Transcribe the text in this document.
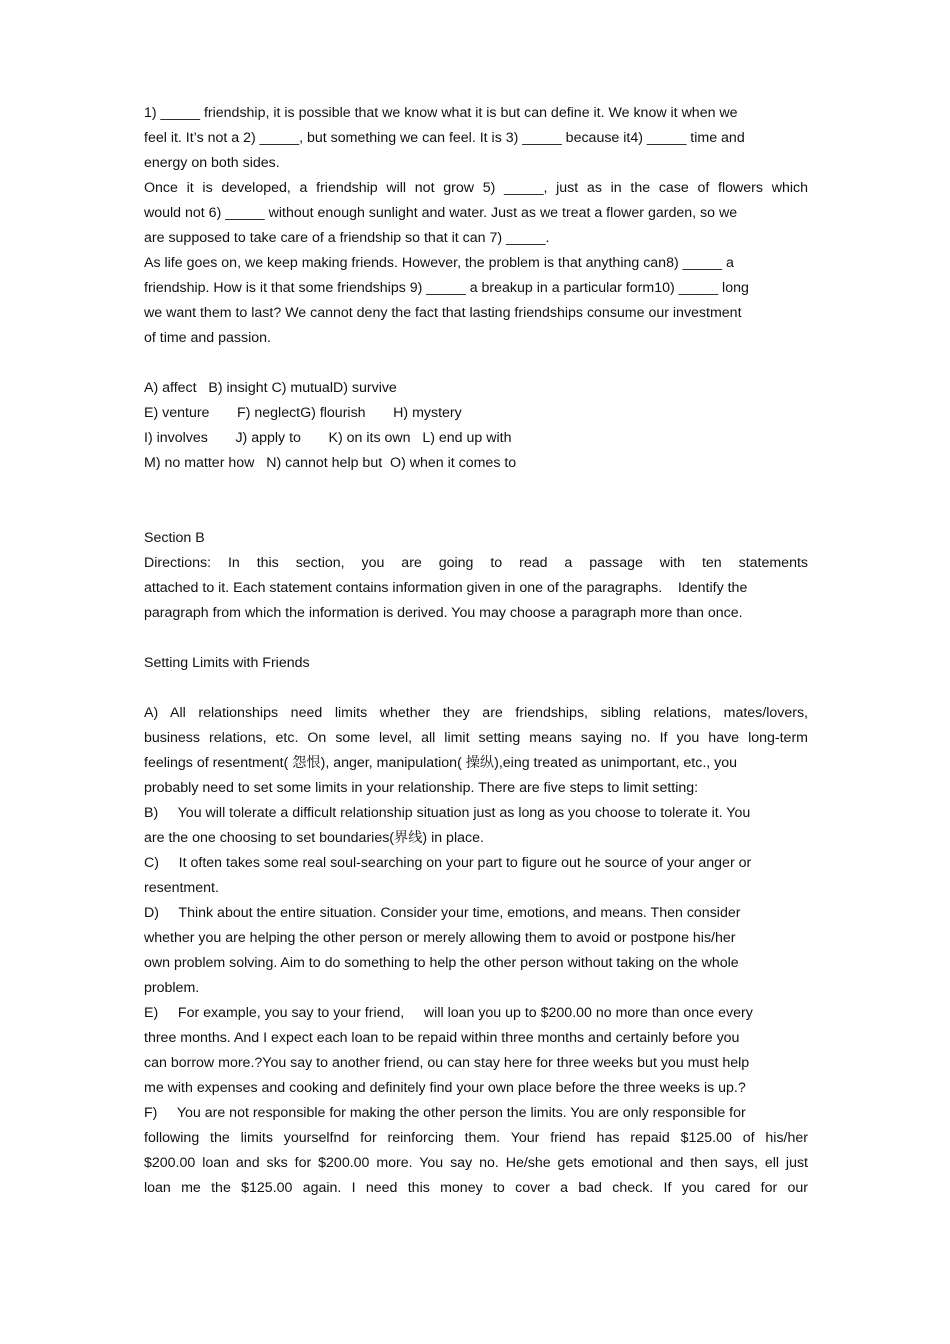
1) _____ friendship, it is possible that we know what it is but can define it. We know it when we
feel it. It’s not a 2) _____, but something we can feel. It is 3) _____ because it4) _____ time and
energy on both sides.
Once it is developed, a friendship will not grow 5) _____, just as in the case of flowers which
would not 6) _____ without enough sunlight and water. Just as we treat a flower garden, so we
are supposed to take care of a friendship so that it can 7) _____.
As life goes on, we keep making friends. However, the problem is that anything can8) _____ a
friendship. How is it that some friendships 9) _____ a breakup in a particular form10) _____ long
we want them to last? We cannot deny the fact that lasting friendships consume our investment
of time and passion.
A) affect   B) insight C) mutualD) survive
E) venture       F) neglectG) flourish       H) mystery
I) involves       J) apply to       K) on its own   L) end up with
M) no matter how   N) cannot help but  O) when it comes to
Section B
Directions: In this section, you are going to read a passage with ten statements
attached to it. Each statement contains information given in one of the paragraphs.    Identify the
paragraph from which the information is derived. You may choose a paragraph more than once.
Setting Limits with Friends
A) All relationships need limits whether they are friendships, sibling relations, mates/lovers,
business relations, etc. On some level, all limit setting means saying no. If you have long-term
feelings of resentment( 怨恨), anger, manipulation( 操纵),eing treated as unimportant, etc., you
probably need to set some limits in your relationship. There are five steps to limit setting:
B)     You will tolerate a difficult relationship situation just as long as you choose to tolerate it. You
are the one choosing to set boundaries(界线) in place.
C)     It often takes some real soul-searching on your part to figure out he source of your anger or
resentment.
D)     Think about the entire situation. Consider your time, emotions, and means. Then consider
whether you are helping the other person or merely allowing them to avoid or postpone his/her
own problem solving. Aim to do something to help the other person without taking on the whole
problem.
E)     For example, you say to your friend,     will loan you up to $200.00 no more than once every
three months. And I expect each loan to be repaid within three months and certainly before you
can borrow more.?You say to another friend, ou can stay here for three weeks but you must help
me with expenses and cooking and definitely find your own place before the three weeks is up.?
F)     You are not responsible for making the other person the limits. You are only responsible for
following the limits yourselfnd for reinforcing them. Your friend has repaid $125.00 of his/her
$200.00 loan and sks for $200.00 more. You say no. He/she gets emotional and then says, ell just
loan me the $125.00 again. I need this money to cover a bad check. If you cared for our
